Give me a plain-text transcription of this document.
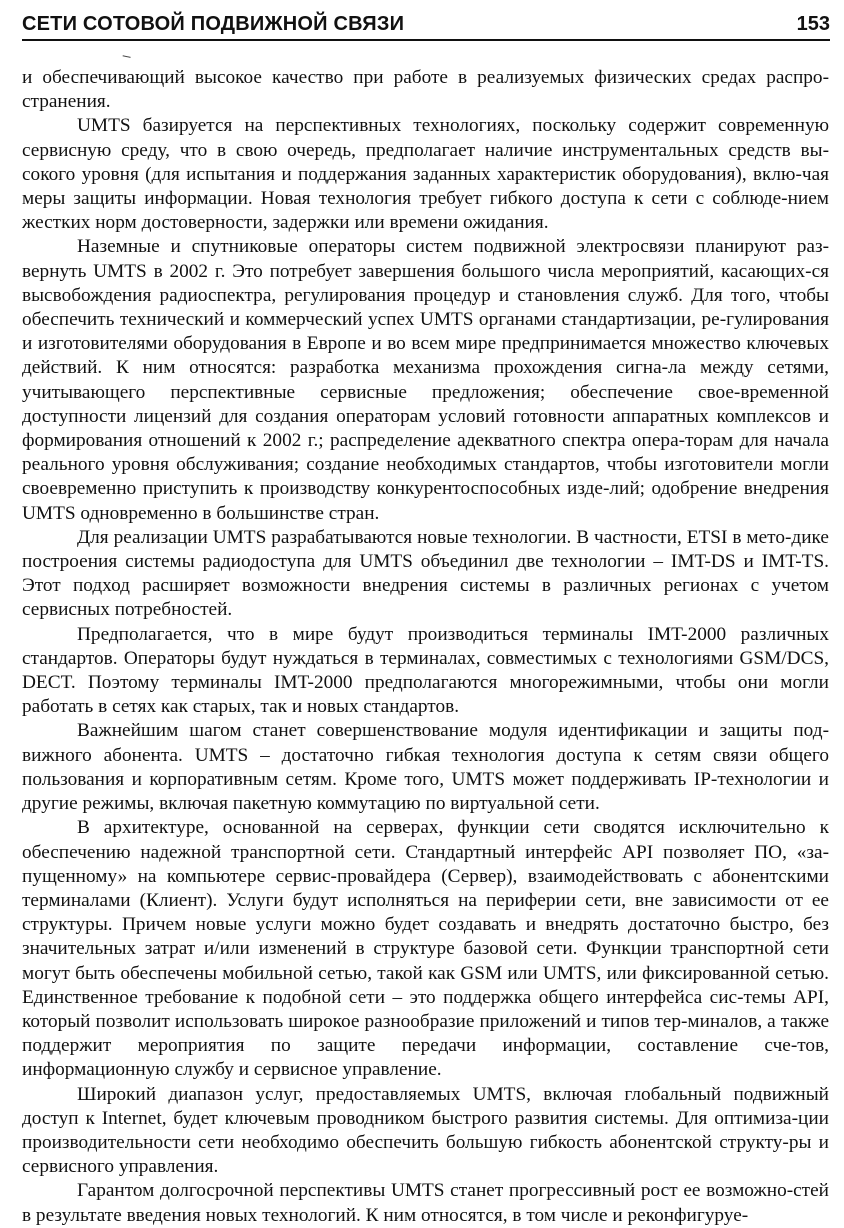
СЕТИ СОТОВОЙ ПОДВИЖНОЙ СВЯЗИ	153

и обеспечивающий высокое качество при работе в реализуемых физических средах распро-странения.

UMTS базируется на перспективных технологиях, поскольку содержит современную сервисную среду, что в свою очередь, предполагает наличие инструментальных средств вы-сокого уровня (для испытания и поддержания заданных характеристик оборудования), вклю-чая меры защиты информации. Новая технология требует гибкого доступа к сети с соблюде-нием жестких норм достоверности, задержки или времени ожидания.

Наземные и спутниковые операторы систем подвижной электросвязи планируют раз-вернуть UMTS в 2002 г. Это потребует завершения большого числа мероприятий, касающих-ся высвобождения радиоспектра, регулирования процедур и становления служб. Для того, чтобы обеспечить технический и коммерческий успех UMTS органами стандартизации, ре-гулирования и изготовителями оборудования в Европе и во всем мире предпринимается множество ключевых действий. К ним относятся: разработка механизма прохождения сигна-ла между сетями, учитывающего перспективные сервисные предложения; обеспечение свое-временной доступности лицензий для создания операторам условий готовности аппаратных комплексов и формирования отношений к 2002 г.; распределение адекватного спектра опера-торам для начала реального уровня обслуживания; создание необходимых стандартов, чтобы изготовители могли своевременно приступить к производству конкурентоспособных изде-лий; одобрение внедрения UMTS одновременно в большинстве стран.

Для реализации UMTS разрабатываются новые технологии. В частности, ETSI в мето-дике построения системы радиодоступа для UMTS объединил две технологии – IMT-DS и IMT-TS. Этот подход расширяет возможности внедрения системы в различных регионах с учетом сервисных потребностей.

Предполагается, что в мире будут производиться терминалы IMT-2000 различных стандартов. Операторы будут нуждаться в терминалах, совместимых с технологиями GSM/DCS, DECT. Поэтому терминалы IMT-2000 предполагаются многорежимными, чтобы они могли работать в сетях как старых, так и новых стандартов.

Важнейшим шагом станет совершенствование модуля идентификации и защиты под-вижного абонента. UMTS – достаточно гибкая технология доступа к сетям связи общего пользования и корпоративным сетям. Кроме того, UMTS может поддерживать IP-технологии и другие режимы, включая пакетную коммутацию по виртуальной сети.

В архитектуре, основанной на серверах, функции сети сводятся исключительно к обеспечению надежной транспортной сети. Стандартный интерфейс API позволяет ПО, «за-пущенному» на компьютере сервис-провайдера (Сервер), взаимодействовать с абонентскими терминалами (Клиент). Услуги будут исполняться на периферии сети, вне зависимости от ее структуры. Причем новые услуги можно будет создавать и внедрять достаточно быстро, без значительных затрат и/или изменений в структуре базовой сети. Функции транспортной сети могут быть обеспечены мобильной сетью, такой как GSM или UMTS, или фиксированной сетью. Единственное требование к подобной сети – это поддержка общего интерфейса сис-темы API, который позволит использовать широкое разнообразие приложений и типов тер-миналов, а также поддержит мероприятия по защите передачи информации, составление сче-тов, информационную службу и сервисное управление.

Широкий диапазон услуг, предоставляемых UMTS, включая глобальный подвижный доступ к Internet, будет ключевым проводником быстрого развития системы. Для оптимиза-ции производительности сети необходимо обеспечить большую гибкость абонентской структу-ры и сервисного управления.

Гарантом долгосрочной перспективы UMTS станет прогрессивный рост ее возможно-стей в результате введения новых технологий. К ним относятся, в том числе и реконфигуруе-
